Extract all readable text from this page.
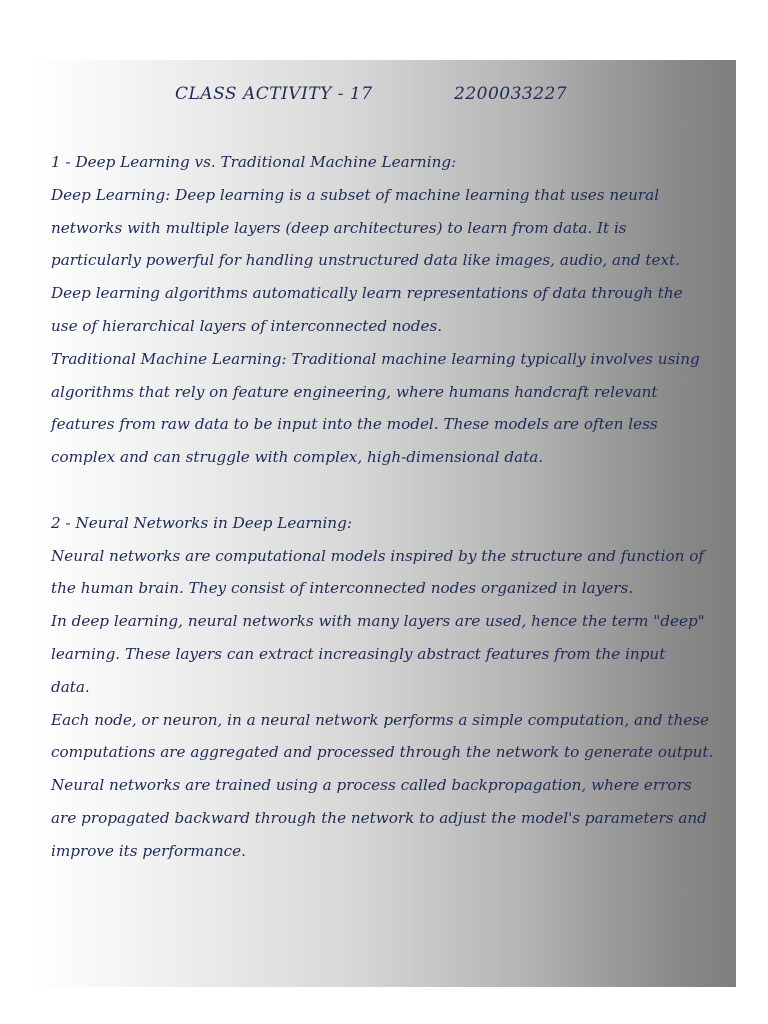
CLASS ACTIVITY - 17	2200033227
1 - Deep Learning vs. Traditional Machine Learning:
Deep Learning: Deep learning is a subset of machine learning that uses neural
networks with multiple layers (deep architectures) to learn from data. It is
particularly powerful for handling unstructured data like images, audio, and text.
Deep learning algorithms automatically learn representations of data through the
use of hierarchical layers of interconnected nodes.
Traditional Machine Learning: Traditional machine learning typically involves using
algorithms that rely on feature engineering, where humans handcraft relevant
features from raw data to be input into the model. These models are often less
complex and can struggle with complex, high-dimensional data.
2 - Neural Networks in Deep Learning:
Neural networks are computational models inspired by the structure and function of
the human brain. They consist of interconnected nodes organized in layers.
In deep learning, neural networks with many layers are used, hence the term "deep"
learning. These layers can extract increasingly abstract features from the input
data.
Each node, or neuron, in a neural network performs a simple computation, and these
computations are aggregated and processed through the network to generate output.
Neural networks are trained using a process called backpropagation, where errors
are propagated backward through the network to adjust the model's parameters and
improve its performance.
